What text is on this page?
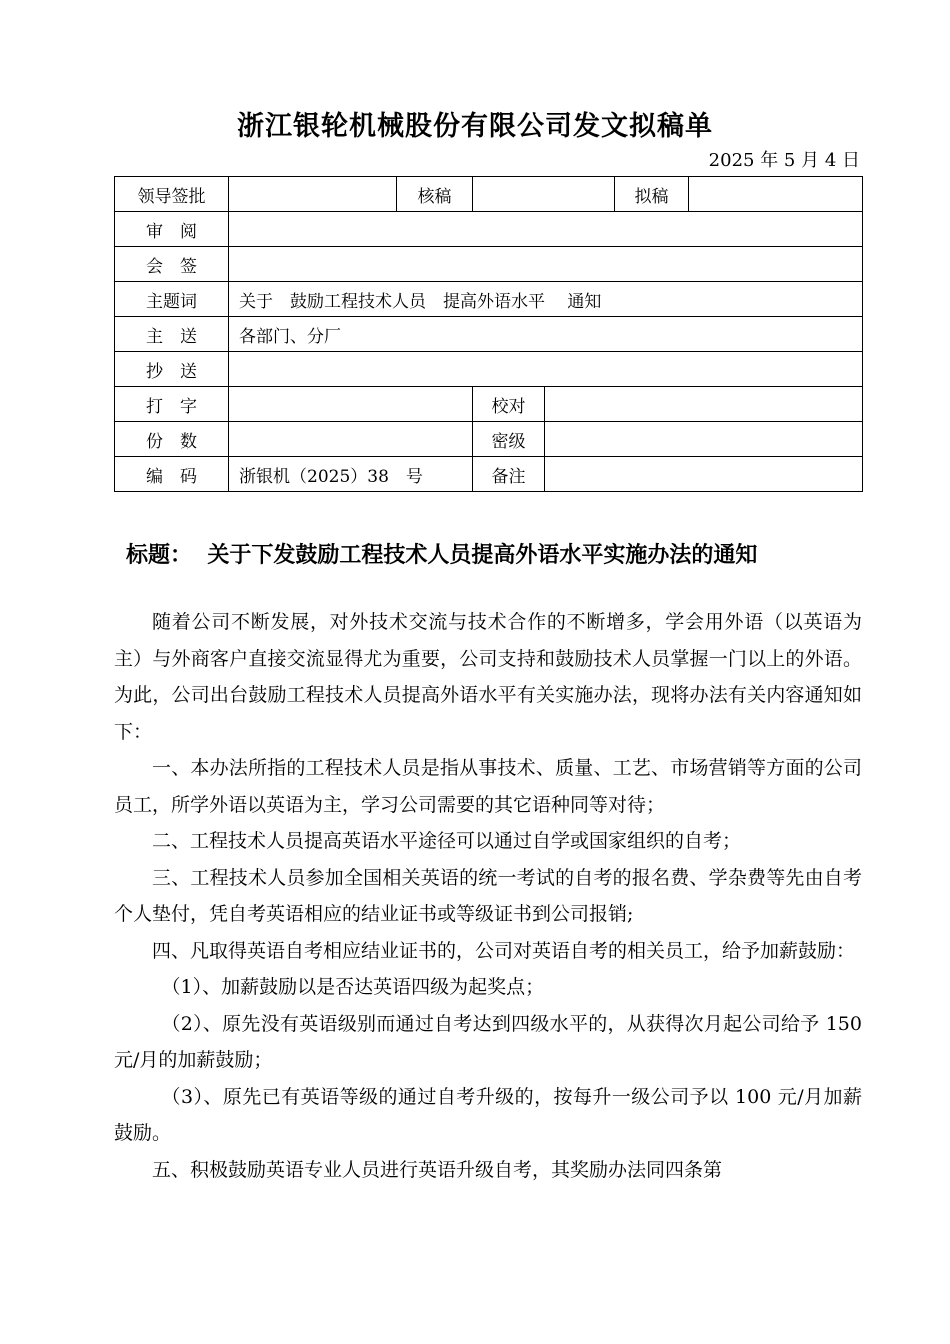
浙江银轮机械股份有限公司发文拟稿单
2025 年 5 月 4 日
领导签批		核稿			拟稿	
审　阅						
会　签						
主题词	关于　鼓励工程技术人员　提高外语水平　 通知					
主　送	各部门、分厂					
抄　送						
打　字			校对			
份　数			密级			
编　码	浙银机（2025）38　号		备注			
标题：  关于下发鼓励工程技术人员提高外语水平实施办法的通知

随着公司不断发展，对外技术交流与技术合作的不断增多，学会用外语（以英语为主）与外商客户直接交流显得尤为重要，公司支持和鼓励技术人员掌握一门以上的外语。为此，公司出台鼓励工程技术人员提高外语水平有关实施办法，现将办法有关内容通知如下：

一、本办法所指的工程技术人员是指从事技术、质量、工艺、市场营销等方面的公司员工，所学外语以英语为主，学习公司需要的其它语种同等对待；

二、工程技术人员提高英语水平途径可以通过自学或国家组织的自考；

三、工程技术人员参加全国相关英语的统一考试的自考的报名费、学杂费等先由自考个人垫付，凭自考英语相应的结业证书或等级证书到公司报销;

四、凡取得英语自考相应结业证书的，公司对英语自考的相关员工，给予加薪鼓励：

（1）、加薪鼓励以是否达英语四级为起奖点；

（2）、原先没有英语级别而通过自考达到四级水平的，从获得次月起公司给予 150 元/月的加薪鼓励；

（3）、原先已有英语等级的通过自考升级的，按每升一级公司予以 100 元/月加薪鼓励。

五、积极鼓励英语专业人员进行英语升级自考，其奖励办法同四条第
